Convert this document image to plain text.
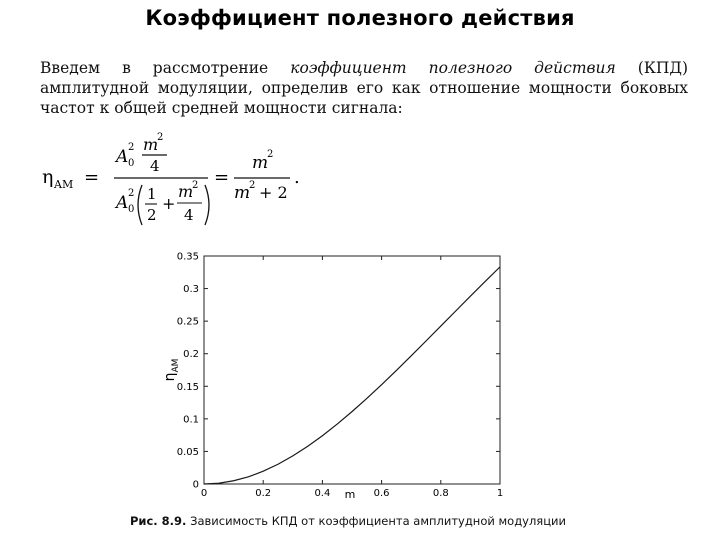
Коэффициент полезного действия
Введем в рассмотрение коэффициент полезного действия (КПД) амплитудной модуляции, определив его как отношение мощности боковых частот к общей средней мощности сигнала:
η AM =
A 2
0
m
2
4
A 2
0
1
2
+
m
2
4
=
m
2
m
2 + 2
.
0
0.05
0.1
0.15
0.2
0.25
0.3
0.35
0	0.2	0.4	0.6	0.8	1
m
$\eta_{AM}$
Рис. 8.9. Зависимость КПД от коэффициента амплитудной модуляции
